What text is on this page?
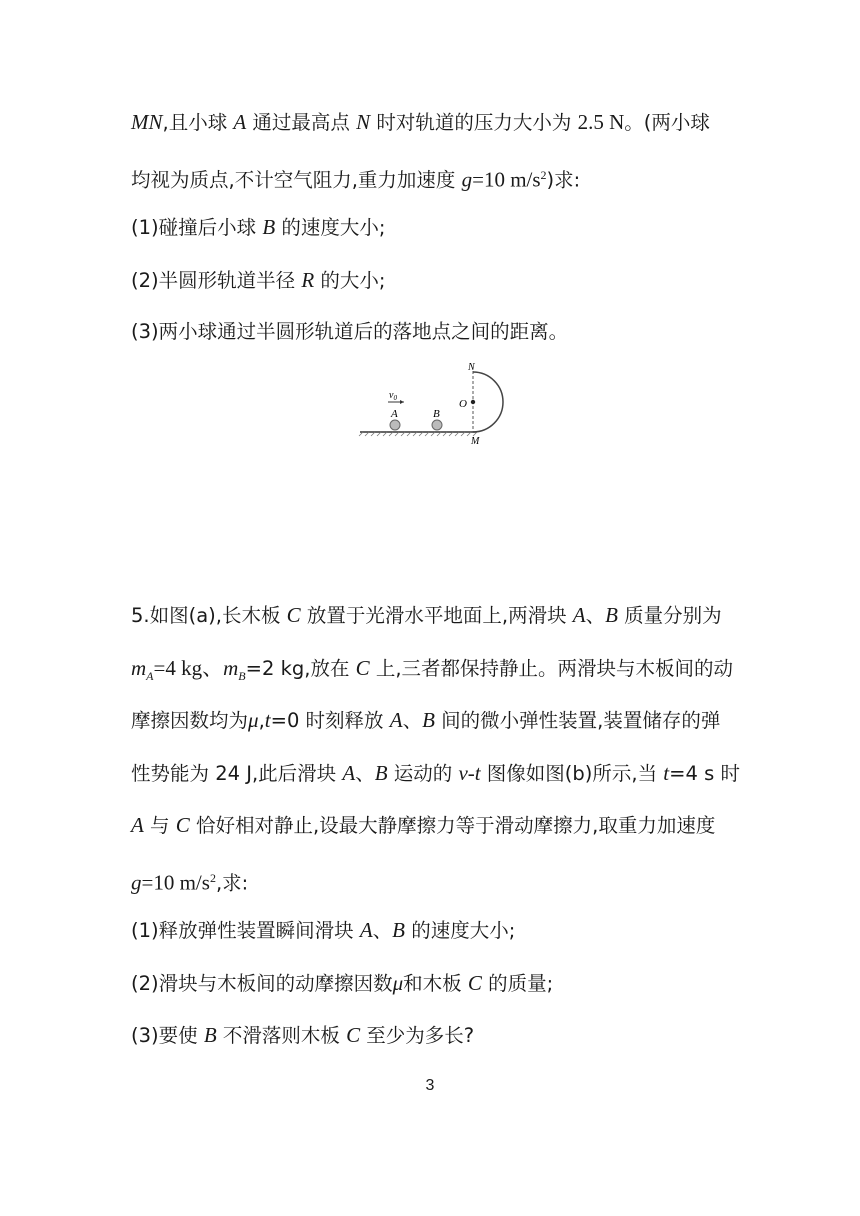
MN,且小球 A 通过最高点 N 时对轨道的压力大小为 2.5 N。(两小球
均视为质点,不计空气阻力,重力加速度 g=10 $m/s^2$)求:
(1)碰撞后小球 B 的速度大小;
(2)半圆形轨道半径 R 的大小;
(3)两小球通过半圆形轨道后的落地点之间的距离。
$v_0$
A	B
O
N
M
5.如图(a),长木板 C 放置于光滑水平地面上,两滑块 A、B 质量分别为
$m_A=4$ kg、$m_B=2$ kg,放在 C 上,三者都保持静止。两滑块与木板间的动
摩擦因数均为μ,t=0 时刻释放 A、B 间的微小弹性装置,装置储存的弹
性势能为 24 J,此后滑块 A、B 运动的 v-t 图像如图(b)所示,当 t=4 s 时
A 与 C 恰好相对静止,设最大静摩擦力等于滑动摩擦力,取重力加速度
g=10 $m/s^2$,求:
(1)释放弹性装置瞬间滑块 A、B 的速度大小;
(2)滑块与木板间的动摩擦因数μ和木板 C 的质量;
(3)要使 B 不滑落则木板 C 至少为多长?
3
